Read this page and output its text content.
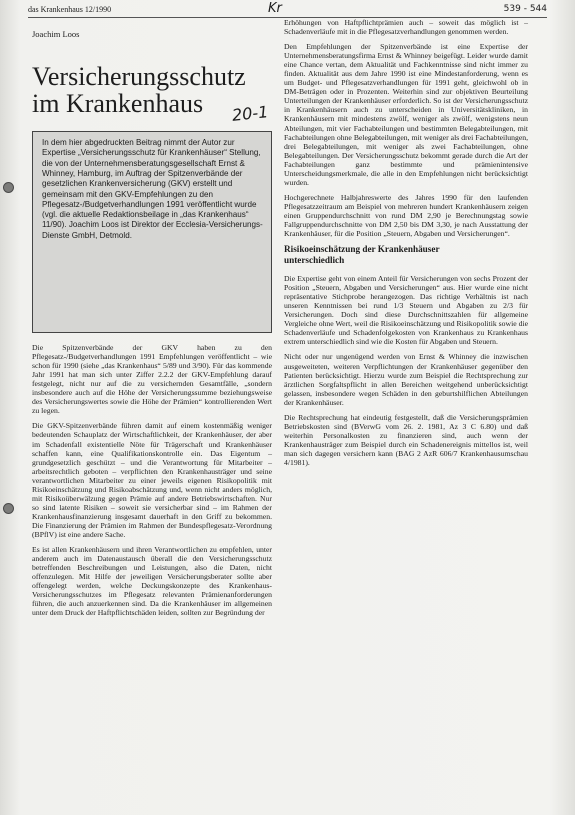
das Krankenhaus 12/1990	Kr	539 - 544
Joachim Loos
Versicherungsschutz
im Krankenhaus 20-1
In dem hier abgedruckten Beitrag nimmt der Autor zur Expertise „Versicherungsschutz für Krankenhäuser“ Stellung, die von der Unternehmensberatungsgesellschaft Ernst & Whinney, Hamburg, im Auftrag der Spitzenverbände der gesetzlichen Krankenversicherung (GKV) erstellt und gemeinsam mit den GKV-Empfehlungen zu den Pflegesatz-/Budgetverhandlungen 1991 veröffentlicht wurde (vgl. die aktuelle Redaktionsbeilage in „das Krankenhaus“ 11/90). Joachim Loos ist Direktor der Ecclesia-Versicherungs-Dienste GmbH, Detmold.

Die Spitzenverbände der GKV haben zu den Pflegesatz-/Budgetverhandlungen 1991 Empfehlungen veröffentlicht – wie schon für 1990 (siehe „das Krankenhaus“ 5/89 und 3/90). Für das kommende Jahr 1991 hat man sich unter Ziffer 2.2.2 der GKV-Empfehlung darauf festgelegt, nicht nur auf die zu versichernden Gesamtfälle, „sondern insbesondere auch auf die Höhe der Versicherungssumme beziehungsweise des Versicherungswertes sowie die Höhe der Prämien“ kontrollierenden Wert zu legen.

Die GKV-Spitzenverbände führen damit auf einem kostenmäßig weniger bedeutenden Schauplatz der Wirtschaftlichkeit, der Krankenhäuser, der aber im Schadenfall existentielle Nöte für Trägerschaft und Krankenhäuser schaffen kann, eine Qualifikationskontrolle ein. Das Eigentum – grundgesetzlich geschützt – und die Verantwortung für Mitarbeiter – arbeitsrechtlich geboten – verpflichten den Krankenhausträger und seine verantwortlichen Mitarbeiter zu einer jeweils eigenen Risikopolitik mit Risikoeinschätzung und Risikoabschätzung und, wenn nicht anders möglich, mit Risikoüberwälzung gegen Prämie auf andere Betriebswirtschaften. Nur so sind latente Risiken – soweit sie versicherbar sind – im Rahmen der Krankenhausfinanzierung insgesamt dauerhaft in den Griff zu bekommen. Die Finanzierung der Prämien im Rahmen der Bundespflegesatz-Verordnung (BPflV) ist eine andere Sache.

Es ist allen Krankenhäusern und ihren Verantwortlichen zu empfehlen, unter anderem auch im Datenaustausch überall die den Versicherungsschutz betreffenden Beschreibungen und Leistungen, also die Daten, nicht offenzulegen. Mit Hilfe der jeweiligen Versicherungsberater sollte aber offengelegt werden, welche Deckungskonzepte des Krankenhaus-Versicherungsschutzes im Pflegesatz relevanten Prämienanforderungen führen, die auch anzuerkennen sind. Da die Krankenhäuser im allgemeinen unter dem Druck der Haftpflichtschäden leiden, sollten zur Begründung der

Erhöhungen von Haftpflichtprämien auch – soweit das möglich ist – Schadenverläufe mit in die Pflegesatzverhandlungen genommen werden.

Den Empfehlungen der Spitzenverbände ist eine Expertise der Unternehmensberatungsfirma Ernst & Whinney beigefügt. Leider wurde damit eine Chance vertan, dem Aktualität und Fachkenntnisse sind nicht immer zu finden. Aktualität aus dem Jahre 1990 ist eine Mindestanforderung, wenn es um Budget- und Pflegesatzverhandlungen für 1991 geht, gleichwohl ob in DM-Beträgen oder in Prozenten. Weiterhin sind zur objektiven Beurteilung Unterteilungen der Krankenhäuser erforderlich. So ist der Versicherungsschutz in Krankenhäusern auch zu unterscheiden in Universitätskliniken, in Krankenhäusern mit mindestens zwölf, weniger als zwölf, wenigstens neun Abteilungen, mit vier Fachabteilungen und bestimmten Belegabteilungen, mit Fachabteilungen ohne Belegabteilungen, mit weniger als drei Fachabteilungen, drei Belegabteilungen, mit weniger als zwei Fachabteilungen, ohne Belegabteilungen. Der Versicherungsschutz bekommt gerade durch die Art der Fachabteilungen ganz bestimmte und prämienintensive Unterscheidungsmerkmale, die alle in den Empfehlungen nicht berücksichtigt wurden.

Hochgerechnete Halbjahreswerte des Jahres 1990 für den laufenden Pflegesatzzeitraum am Beispiel von mehreren hundert Krankenhäusern zeigen einen Gruppendurchschnitt von rund DM 2,90 je Berechnungstag sowie Fallgruppendurchschnitte von DM 2,50 bis DM 3,30, je nach Ausstattung der Krankenhäuser, für die Position „Steuern, Abgaben und Versicherungen“.

Risikoeinschätzung der Krankenhäuser
unterschiedlich

Die Expertise geht von einem Anteil für Versicherungen von sechs Prozent der Position „Steuern, Abgaben und Versicherungen“ aus. Hier wurde eine nicht repräsentative Stichprobe herangezogen. Das richtige Verhältnis ist nach unseren Kenntnissen bei rund 1/3 Steuern und Abgaben zu 2/3 für Versicherungen. Doch sind diese Durchschnittszahlen für allgemeine Vergleiche ohne Wert, weil die Risikoeinschätzung und Risikopolitik sowie die Schadenverläufe und Schadenfolgekosten von Krankenhaus zu Krankenhaus extrem unterschiedlich sind wie die Kosten für Abgaben und Steuern.

Nicht oder nur ungenügend werden von Ernst & Whinney die inzwischen ausgeweiteten, weiteren Verpflichtungen der Krankenhäuser gegenüber den Patienten berücksichtigt. Hierzu wurde zum Beispiel die Rechtsprechung zur ärztlichen Sorgfaltspflicht in allen Bereichen weitgehend unberücksichtigt gelassen, insbesondere wegen Schäden in den geburtshilflichen Abteilungen der Krankenhäuser.

Die Rechtsprechung hat eindeutig festgestellt, daß die Versicherungsprämien Betriebskosten sind (BVerwG vom 26. 2. 1981, Az 3 C 6.80) und daß weiterhin Personalkosten zu finanzieren sind, auch wenn der Krankenhausträger zum Beispiel durch ein Schadenereignis mittellos ist, weil man sich dagegen versichern kann (BAG 2 AzR 606/7 Krankenhausumschau 4/1981).
